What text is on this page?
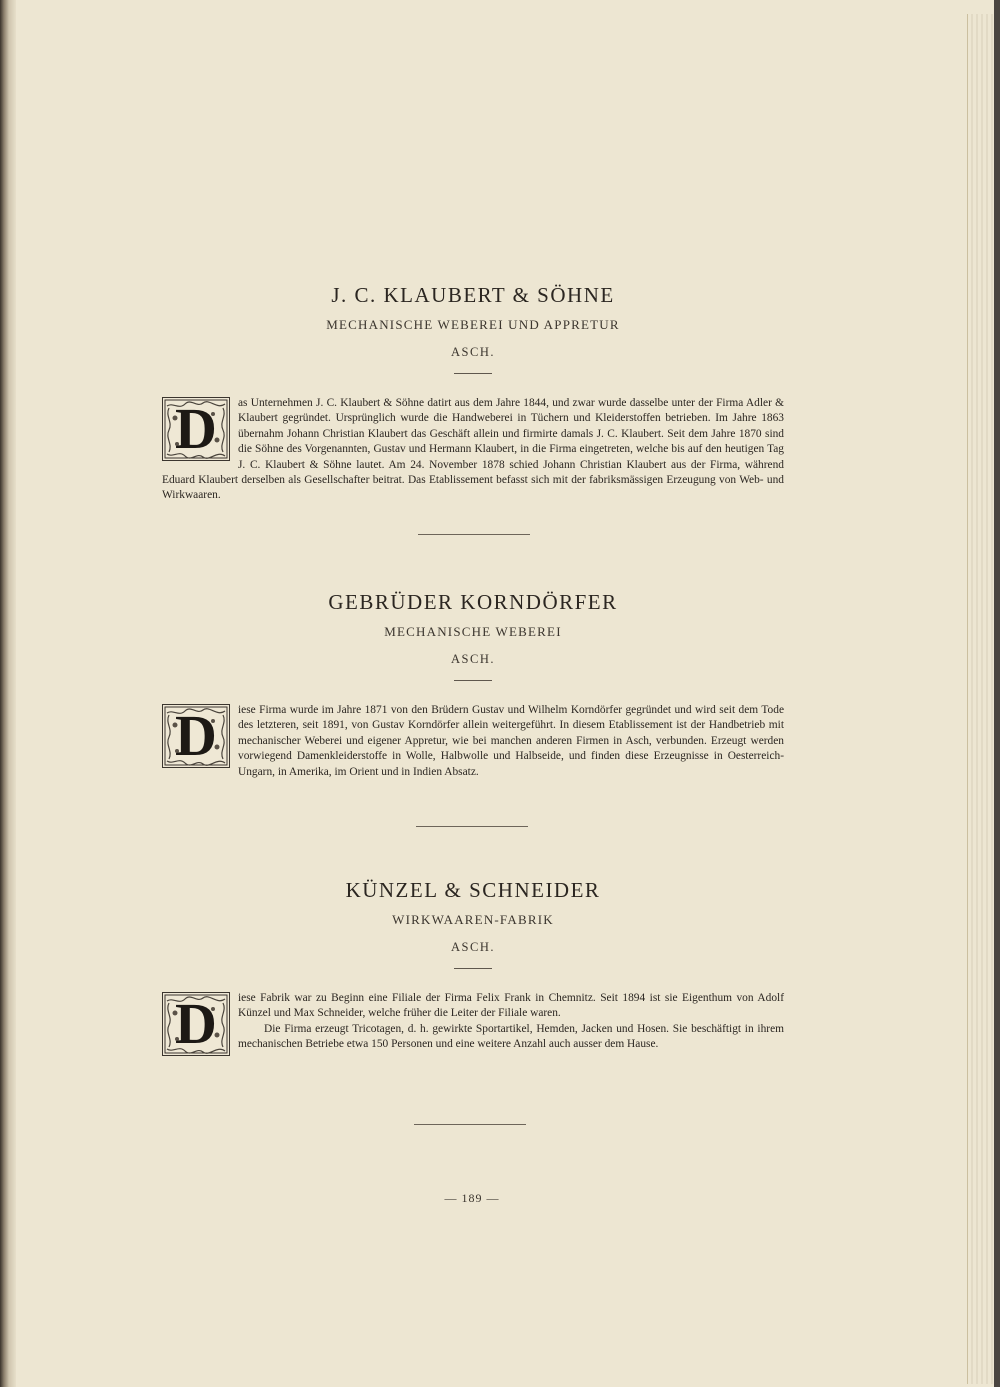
J. C. KLAUBERT & SÖHNE
MECHANISCHE WEBEREI UND APPRETUR
ASCH.
D	as Unternehmen J. C. Klaubert & Söhne datirt aus dem Jahre 1844, und zwar wurde dasselbe unter der Firma Adler & Klaubert gegründet. Ursprünglich wurde die Handweberei in Tüchern und Kleiderstoffen betrieben. Im Jahre 1863 übernahm Johann Christian Klaubert das Geschäft allein und firmirte damals J. C. Klaubert. Seit dem Jahre 1870 sind die Söhne des Vorgenannten, Gustav und Hermann Klaubert, in die Firma eingetreten, welche bis auf den heutigen Tag J. C. Klaubert & Söhne lautet. Am 24. November 1878 schied Johann Christian Klaubert aus der Firma, während Eduard Klaubert derselben als Gesellschafter beitrat. Das Etablissement befasst sich mit der fabriksmässigen Erzeugung von Web- und Wirkwaaren.

GEBRÜDER KORNDÖRFER
MECHANISCHE WEBEREI
ASCH.
D	iese Firma wurde im Jahre 1871 von den Brüdern Gustav und Wilhelm Korndörfer gegründet und wird seit dem Tode des letzteren, seit 1891, von Gustav Korndörfer allein weitergeführt. In diesem Etablissement ist der Handbetrieb mit mechanischer Weberei und eigener Appretur, wie bei manchen anderen Firmen in Asch, verbunden. Erzeugt werden vorwiegend Damenkleiderstoffe in Wolle, Halbwolle und Halbseide, und finden diese Erzeugnisse in Oesterreich-Ungarn, in Amerika, im Orient und in Indien Absatz.

KÜNZEL & SCHNEIDER
WIRKWAAREN-FABRIK
ASCH.
D	iese Fabrik war zu Beginn eine Filiale der Firma Felix Frank in Chemnitz. Seit 1894 ist sie Eigenthum von Adolf Künzel und Max Schneider, welche früher die Leiter der Filiale waren.

Die Firma erzeugt Tricotagen, d. h. gewirkte Sportartikel, Hemden, Jacken und Hosen. Sie beschäftigt in ihrem mechanischen Betriebe etwa 150 Personen und eine weitere Anzahl auch ausser dem Hause.

— 189 —
